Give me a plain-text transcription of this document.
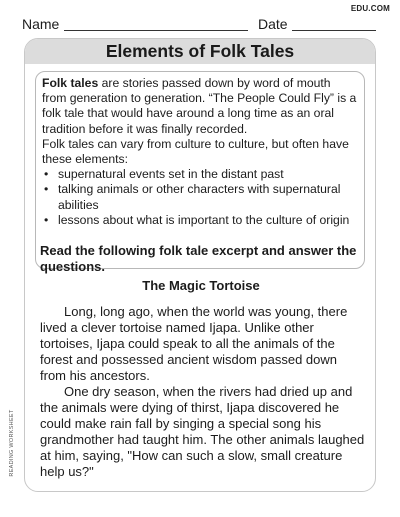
Name	Date
EDU.COM
Elements of Folk Tales

Folk tales are stories passed down by word of mouth from generation to generation. “The People Could Fly” is a folk tale that would have around a long time as an oral tradition before it was finally recorded.

Folk tales can vary from culture to culture, but often have these elements:

• supernatural events set in the distant past
• talking animals or other characters with supernatural abilities
• lessons about what is important to the culture of origin
Read the following folk tale excerpt and answer the questions.
The Magic Tortoise

Long, long ago, when the world was young, there lived a clever tortoise named Ijapa. Unlike other tortoises, Ijapa could speak to all the animals of the forest and possessed ancient wisdom passed down from his ancestors.

One dry season, when the rivers had dried up and the animals were dying of thirst, Ijapa discovered he could make rain fall by singing a special song his grandmother had taught him. The other animals laughed at him, saying, "How can such a slow, small creature help us?"

READING WORKSHEET
